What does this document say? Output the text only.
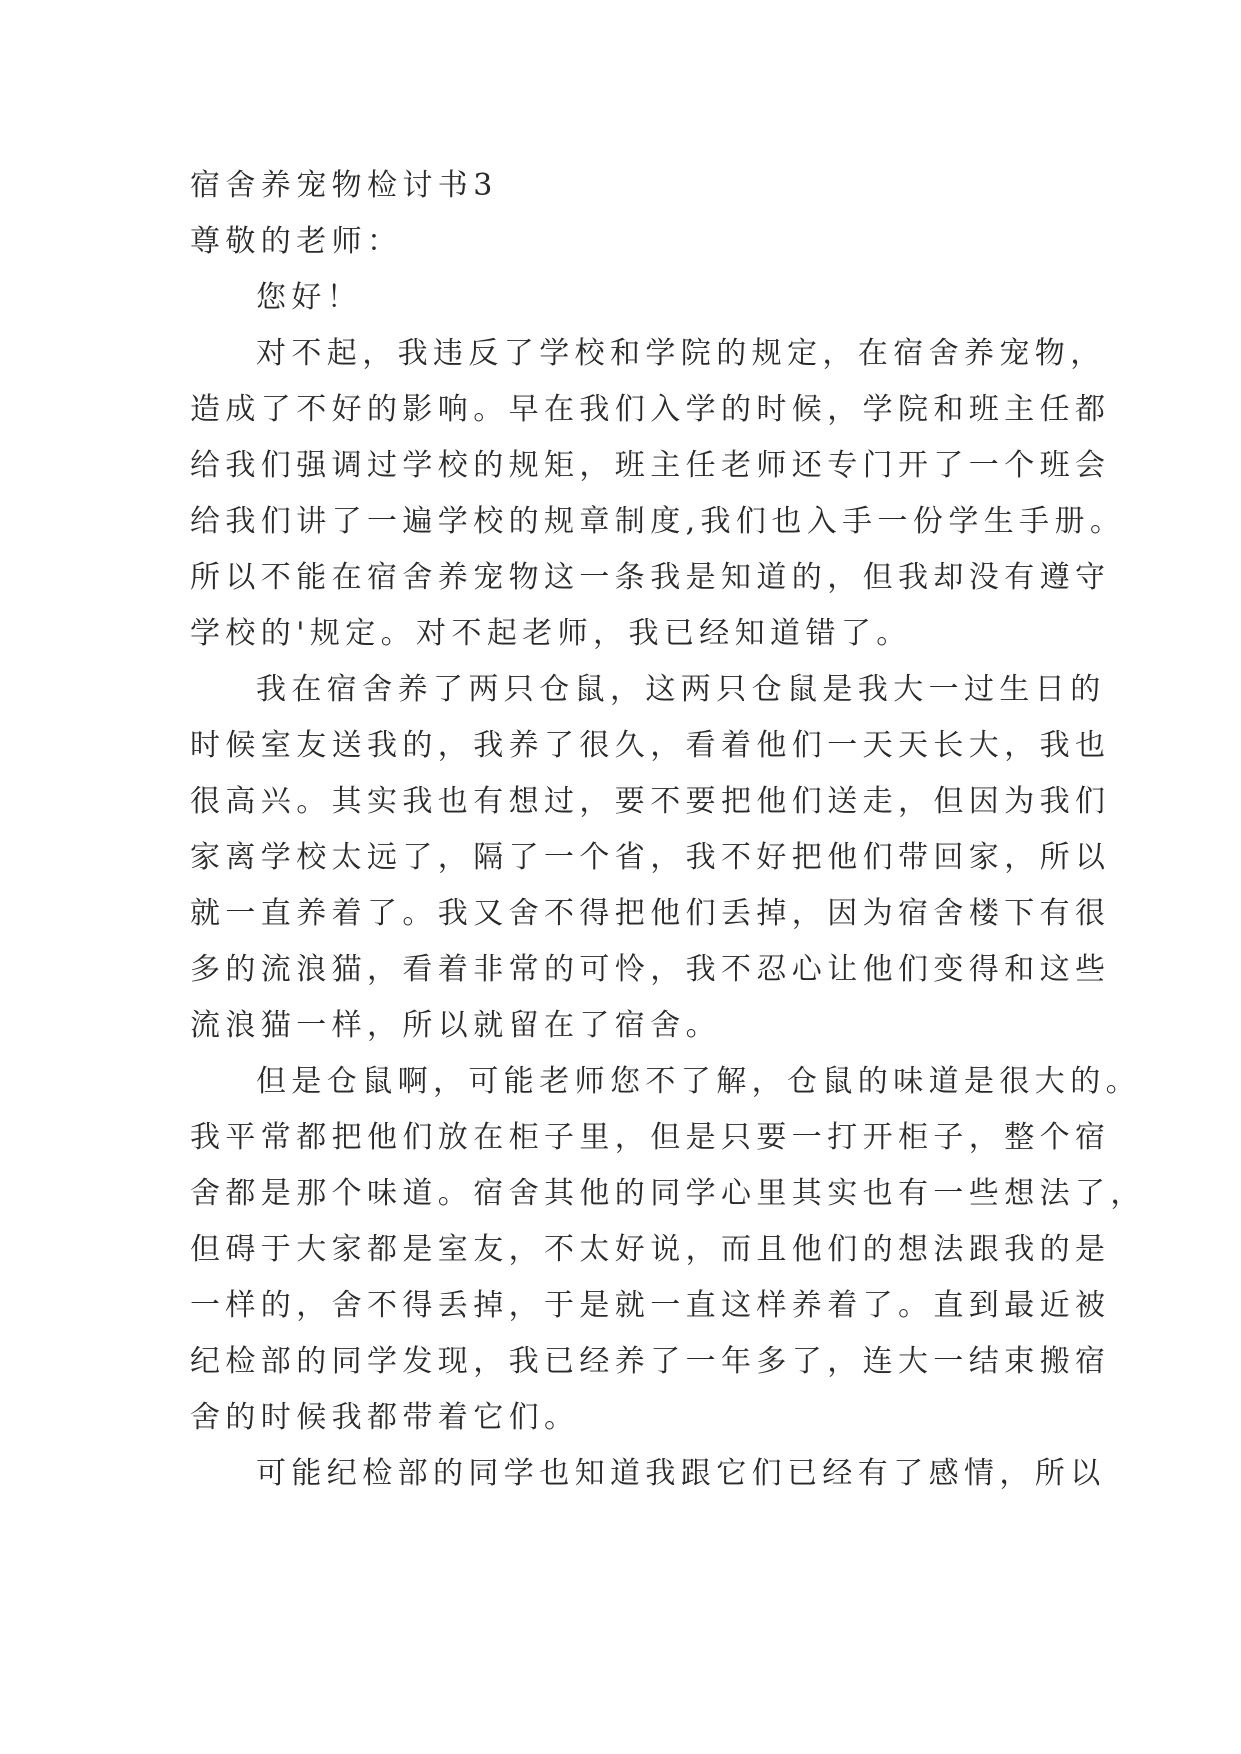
宿舍养宠物检讨书3
尊敬的老师：
您好！
对不起，我违反了学校和学院的规定，在宿舍养宠物，
造成了不好的影响。早在我们入学的时候，学院和班主任都
给我们强调过学校的规矩，班主任老师还专门开了一个班会
给我们讲了一遍学校的规章制度,我们也入手一份学生手册。
所以不能在宿舍养宠物这一条我是知道的，但我却没有遵守
学校的'规定。对不起老师，我已经知道错了。
我在宿舍养了两只仓鼠，这两只仓鼠是我大一过生日的
时候室友送我的，我养了很久，看着他们一天天长大，我也
很高兴。其实我也有想过，要不要把他们送走，但因为我们
家离学校太远了，隔了一个省，我不好把他们带回家，所以
就一直养着了。我又舍不得把他们丢掉，因为宿舍楼下有很
多的流浪猫，看着非常的可怜，我不忍心让他们变得和这些
流浪猫一样，所以就留在了宿舍。
但是仓鼠啊，可能老师您不了解，仓鼠的味道是很大的。
我平常都把他们放在柜子里，但是只要一打开柜子，整个宿
舍都是那个味道。宿舍其他的同学心里其实也有一些想法了，
但碍于大家都是室友，不太好说，而且他们的想法跟我的是
一样的，舍不得丢掉，于是就一直这样养着了。直到最近被
纪检部的同学发现，我已经养了一年多了，连大一结束搬宿
舍的时候我都带着它们。
可能纪检部的同学也知道我跟它们已经有了感情，所以
